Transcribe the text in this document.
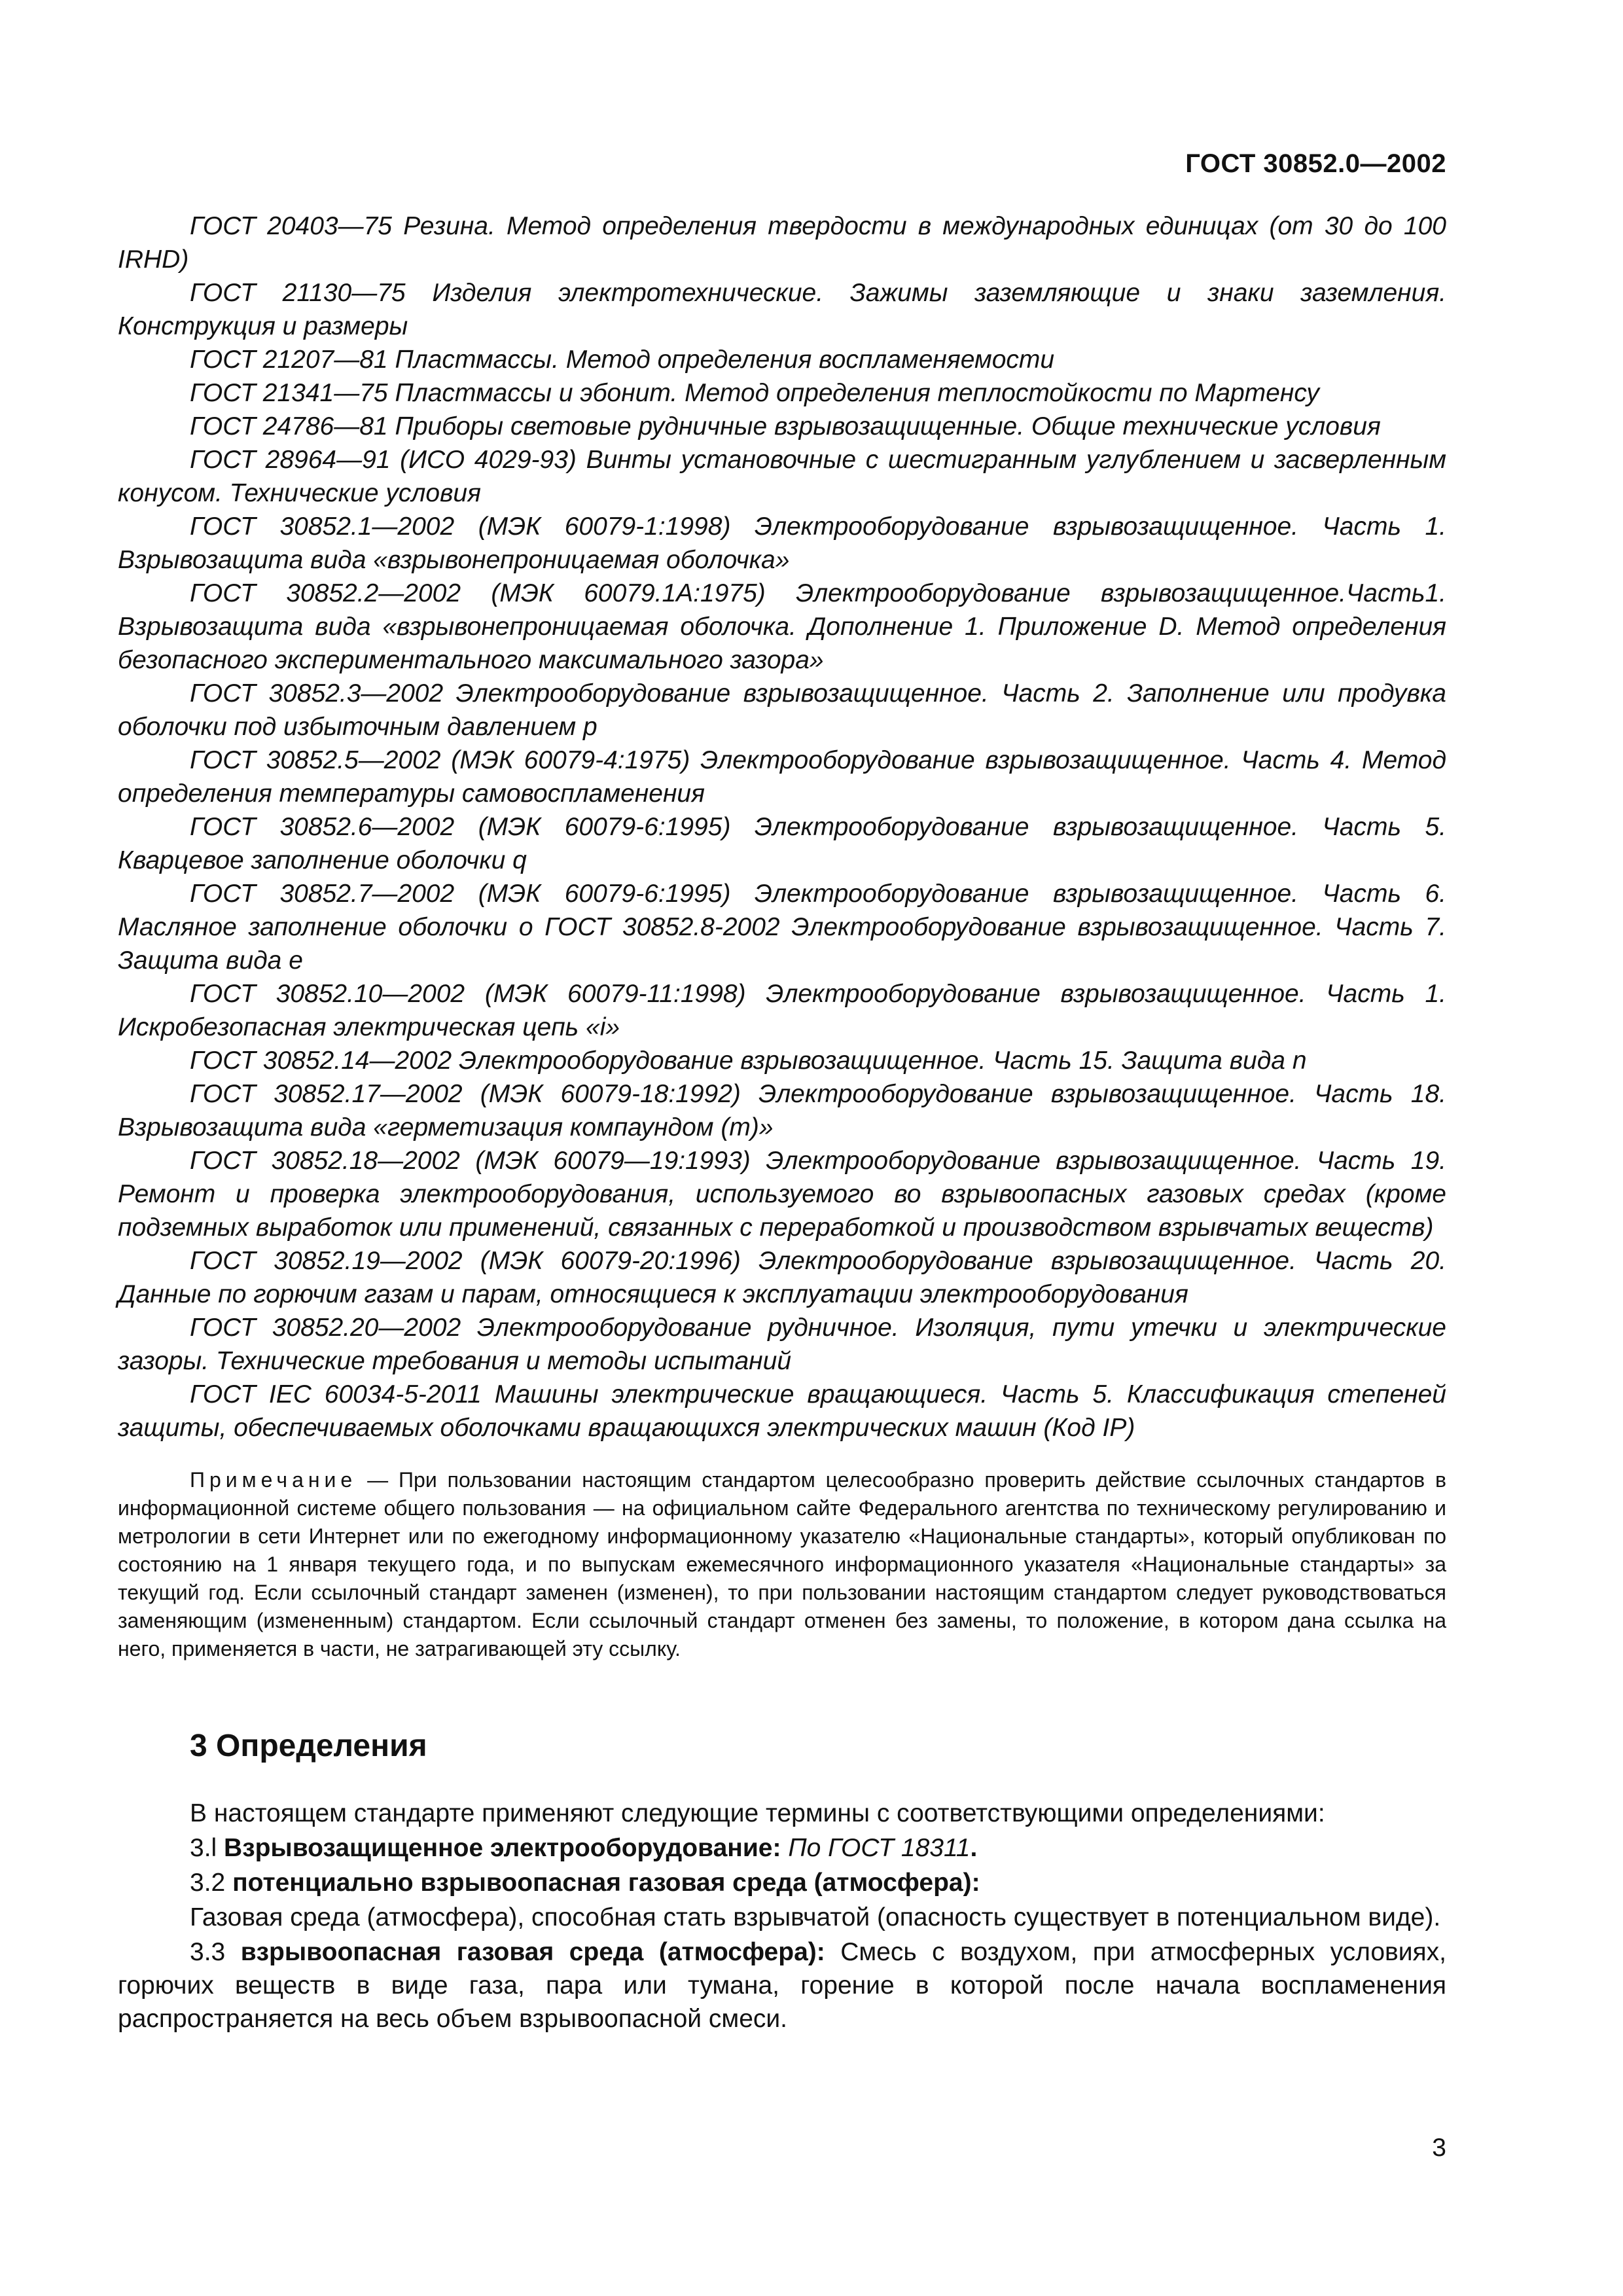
ГОСТ 30852.0—2002

ГОСТ 20403—75 Резина. Метод определения твердости в международных единицах (от 30 до 100 IRHD)

ГОСТ 21130—75 Изделия электротехнические. Зажимы заземляющие и знаки заземления. Конструкция и размеры

ГОСТ 21207—81 Пластмассы. Метод определения воспламеняемости

ГОСТ 21341—75 Пластмассы и эбонит. Метод определения теплостойкости по Мартенсу

ГОСТ 24786—81 Приборы световые рудничные взрывозащищенные. Общие технические условия

ГОСТ 28964—91 (ИСО 4029-93) Винты установочные с шестигранным углублением и засверленным конусом. Технические условия

ГОСТ 30852.1—2002 (МЭК 60079-1:1998) Электрооборудование взрывозащищенное. Часть 1. Взрывозащита вида «взрывонепроницаемая оболочка»

ГОСТ 30852.2—2002 (МЭК 60079.1А:1975) Электрооборудование взрывозащищенное.Часть1. Взрывозащита вида «взрывонепроницаемая оболочка. Дополнение 1. Приложение D. Метод определения безопасного экспериментального максимального зазора»

ГОСТ 30852.3—2002 Электрооборудование взрывозащищенное. Часть 2. Заполнение или продувка оболочки под избыточным давлением р

ГОСТ 30852.5—2002 (МЭК 60079-4:1975) Электрооборудование взрывозащищенное. Часть 4. Метод определения температуры самовоспламенения

ГОСТ 30852.6—2002 (МЭК 60079-6:1995) Электрооборудование взрывозащищенное. Часть 5. Кварцевое заполнение оболочки q

ГОСТ 30852.7—2002 (МЭК 60079-6:1995) Электрооборудование взрывозащищенное. Часть 6. Масляное заполнение оболочки о ГОСТ 30852.8-2002 Электрооборудование взрывозащищенное. Часть 7. Защита вида е

ГОСТ 30852.10—2002 (МЭК 60079-11:1998) Электрооборудование взрывозащищенное. Часть 1. Искробезопасная электрическая цепь «i»

ГОСТ 30852.14—2002 Электрооборудование взрывозащищенное. Часть 15. Защита вида n

ГОСТ 30852.17—2002 (МЭК 60079-18:1992) Электрооборудование взрывозащищенное. Часть 18. Взрывозащита вида «герметизация компаундом (m)»

ГОСТ 30852.18—2002 (МЭК 60079—19:1993) Электрооборудование взрывозащищенное. Часть 19. Ремонт и проверка электрооборудования, используемого во взрывоопасных газовых средах (кроме подземных выработок или применений, связанных с переработкой и производством взрывчатых веществ)

ГОСТ 30852.19—2002 (МЭК 60079-20:1996) Электрооборудование взрывозащищенное. Часть 20. Данные по горючим газам и парам, относящиеся к эксплуатации электрооборудования

ГОСТ 30852.20—2002 Электрооборудование рудничное. Изоляция, пути утечки и электрические зазоры. Технические требования и методы испытаний

ГОСТ IEC 60034-5-2011 Машины электрические вращающиеся. Часть 5. Классификация степеней защиты, обеспечиваемых оболочками вращающихся электрических машин (Код IP)

Примечание — При пользовании настоящим стандартом целесообразно проверить действие ссылочных стандартов в информационной системе общего пользования — на официальном сайте Федерального агентства по техническому регулированию и метрологии в сети Интернет или по ежегодному информационному указателю «Национальные стандарты», который опубликован по состоянию на 1 января текущего года, и по выпускам ежемесячного информационного указателя «Национальные стандарты» за текущий год. Если ссылочный стандарт заменен (изменен), то при пользовании настоящим стандартом следует руководствоваться заменяющим (измененным) стандартом. Если ссылочный стандарт отменен без замены, то положение, в котором дана ссылка на него, применяется в части, не затрагивающей эту ссылку.
3 Определения

В настоящем стандарте применяют следующие термины с соответствующими определениями:

3.l Взрывозащищенное электрооборудование: По ГОСТ 18311.

3.2 потенциально взрывоопасная газовая среда (атмосфера):

Газовая среда (атмосфера), способная стать взрывчатой (опасность существует в потенциальном виде).

3.3 взрывоопасная газовая среда (атмосфера): Смесь с воздухом, при атмосферных условиях, горючих веществ в виде газа, пара или тумана, горение в которой после начала воспламенения распространяется на весь объем взрывоопасной смеси.

3
